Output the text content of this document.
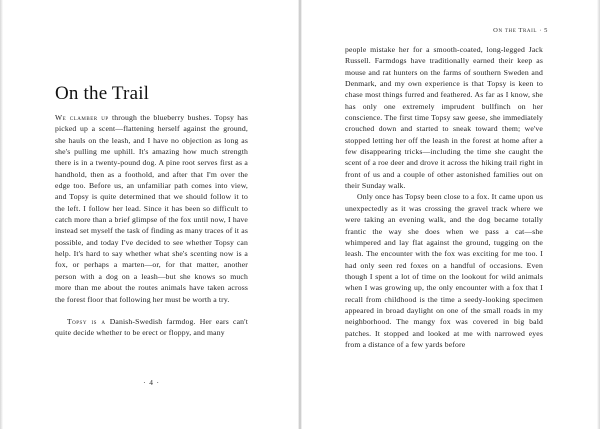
On the Trail

We clamber up through the blueberry bushes. Topsy has picked up a scent—flattening herself against the ground, she hauls on the leash, and I have no objection as long as she's pulling me uphill. It's amazing how much strength there is in a twenty-pound dog. A pine root serves first as a handhold, then as a foothold, and after that I'm over the edge too. Before us, an unfamiliar path comes into view, and Topsy is quite determined that we should follow it to the left. I follow her lead. Since it has been so difficult to catch more than a brief glimpse of the fox until now, I have instead set myself the task of finding as many traces of it as possible, and today I've decided to see whether Topsy can help. It's hard to say whether what she's scenting now is a fox, or perhaps a marten—or, for that matter, another person with a dog on a leash—but she knows so much more than me about the routes animals have taken across the forest floor that following her must be worth a try.

Topsy is a Danish-Swedish farmdog. Her ears can't quite decide whether to be erect or floppy, and many

· 4 ·
On the Trail · 5

people mistake her for a smooth-coated, long-legged Jack Russell. Farmdogs have traditionally earned their keep as mouse and rat hunters on the farms of southern Sweden and Denmark, and my own experience is that Topsy is keen to chase most things furred and feathered. As far as I know, she has only one extremely imprudent bullfinch on her conscience. The first time Topsy saw geese, she immediately crouched down and started to sneak toward them; we've stopped letting her off the leash in the forest at home after a few disappearing tricks—including the time she caught the scent of a roe deer and drove it across the hiking trail right in front of us and a couple of other astonished families out on their Sunday walk.

Only once has Topsy been close to a fox. It came upon us unexpectedly as it was crossing the gravel track where we were taking an evening walk, and the dog became totally frantic the way she does when we pass a cat—she whimpered and lay flat against the ground, tugging on the leash. The encounter with the fox was exciting for me too. I had only seen red foxes on a handful of occasions. Even though I spent a lot of time on the lookout for wild animals when I was growing up, the only encounter with a fox that I recall from childhood is the time a seedy-looking specimen appeared in broad daylight on one of the small roads in my neighborhood. The mangy fox was covered in big bald patches. It stopped and looked at me with narrowed eyes from a distance of a few yards before
